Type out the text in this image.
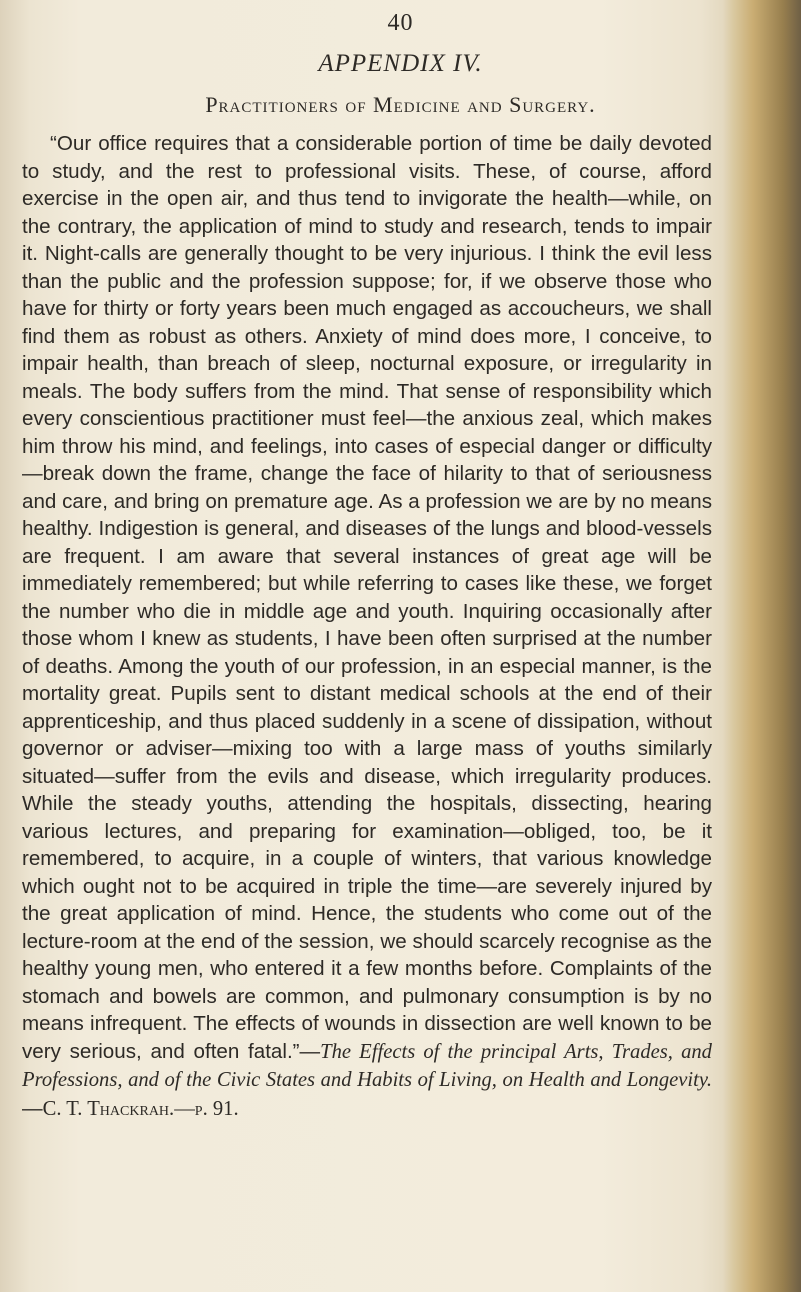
40
APPENDIX IV.
Practitioners of Medicine and Surgery.

“Our office requires that a considerable portion of time be daily devoted to study, and the rest to professional visits. These, of course, afford exercise in the open air, and thus tend to invigorate the health—while, on the contrary, the application of mind to study and research, tends to impair it. Night-calls are generally thought to be very injurious. I think the evil less than the public and the profession suppose; for, if we observe those who have for thirty or forty years been much engaged as accoucheurs, we shall find them as robust as others. Anxiety of mind does more, I conceive, to impair health, than breach of sleep, nocturnal exposure, or irregularity in meals. The body suffers from the mind. That sense of responsibility which every conscientious practitioner must feel—the anxious zeal, which makes him throw his mind, and feelings, into cases of especial danger or difficulty—break down the frame, change the face of hilarity to that of seriousness and care, and bring on premature age. As a profession we are by no means healthy. Indigestion is general, and diseases of the lungs and blood-vessels are frequent. I am aware that several instances of great age will be immediately remembered; but while referring to cases like these, we forget the number who die in middle age and youth. Inquiring occasionally after those whom I knew as students, I have been often surprised at the number of deaths. Among the youth of our profession, in an especial manner, is the mortality great. Pupils sent to distant medical schools at the end of their apprenticeship, and thus placed suddenly in a scene of dissipation, without governor or adviser—mixing too with a large mass of youths similarly situated—suffer from the evils and disease, which irregularity produces. While the steady youths, attending the hospitals, dissecting, hearing various lectures, and preparing for examination—obliged, too, be it remembered, to acquire, in a couple of winters, that various knowledge which ought not to be acquired in triple the time—are severely injured by the great application of mind. Hence, the students who come out of the lecture-room at the end of the session, we should scarcely recognise as the healthy young men, who entered it a few months before. Complaints of the stomach and bowels are common, and pulmonary consumption is by no means infrequent. The effects of wounds in dissection are well known to be very serious, and often fatal.”—The Effects of the principal Arts, Trades, and Professions, and of the Civic States and Habits of Living, on Health and Longevity.—C. T. Thackrah.—p. 91.
